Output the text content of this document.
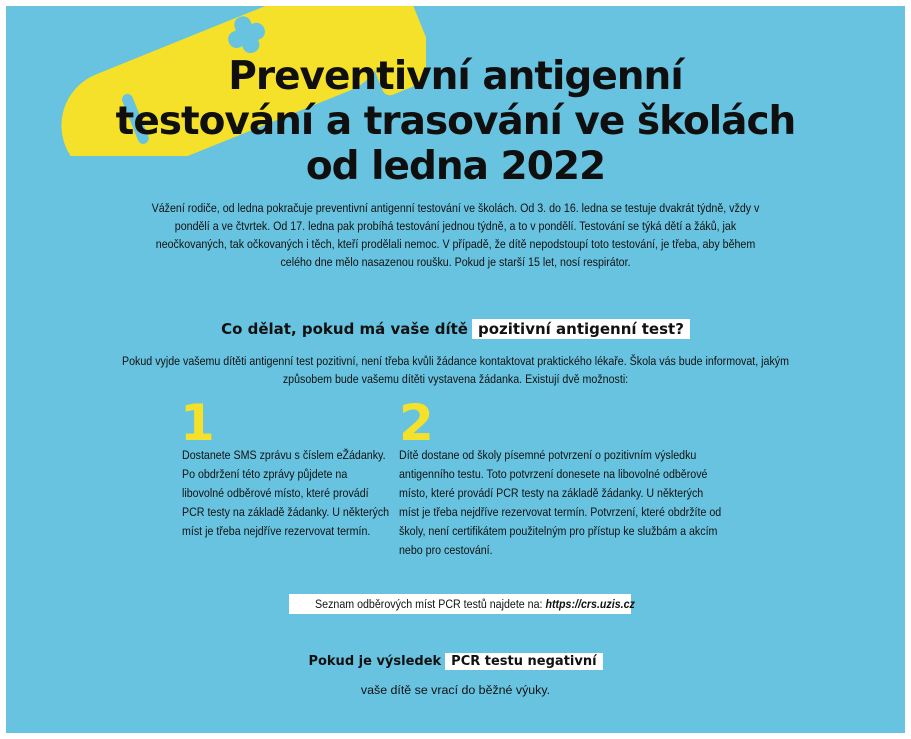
Preventivní antigenní
testování a trasování ve školách
od ledna 2022

Vážení rodiče, od ledna pokračuje preventivní antigenní testování ve školách. Od 3. do 16. ledna se testuje dvakrát týdně, vždy v pondělí a ve čtvrtek. Od 17. ledna pak probíhá testování jednou týdně, a to v pondělí. Testování se týká dětí a žáků, jak neočkovaných, tak očkovaných i těch, kteří prodělali nemoc. V případě, že dítě nepodstoupí toto testování, je třeba, aby během celého dne mělo nasazenou roušku. Pokud je starší 15 let, nosí respirátor.

Co dělat, pokud má vaše dítě pozitivní antigenní test?

Pokud vyjde vašemu dítěti antigenní test pozitivní, není třeba kvůli žádance kontaktovat praktického lékaře. Škola vás bude informovat, jakým způsobem bude vašemu dítěti vystavena žádanka. Existují dvě možnosti:

1	2

Dostanete SMS zprávu s číslem eŽádanky. Po obdržení této zprávy půjdete na libovolné odběrové místo, které provádí PCR testy na základě žádanky. U některých míst je třeba nejdříve rezervovat termín.

Dítě dostane od školy písemné potvrzení o pozitivním výsledku antigenního testu. Toto potvrzení donesete na libovolné odběrové místo, které provádí PCR testy na základě žádanky. U některých míst je třeba nejdříve rezervovat termín. Potvrzení, které obdržíte od školy, není certifikátem použitelným pro přístup ke službám a akcím nebo pro cestování.

Seznam odběrových míst PCR testů najdete na: https://crs.uzis.cz
Pokud je výsledek PCR testu negativní
vaše dítě se vrací do běžné výuky.
